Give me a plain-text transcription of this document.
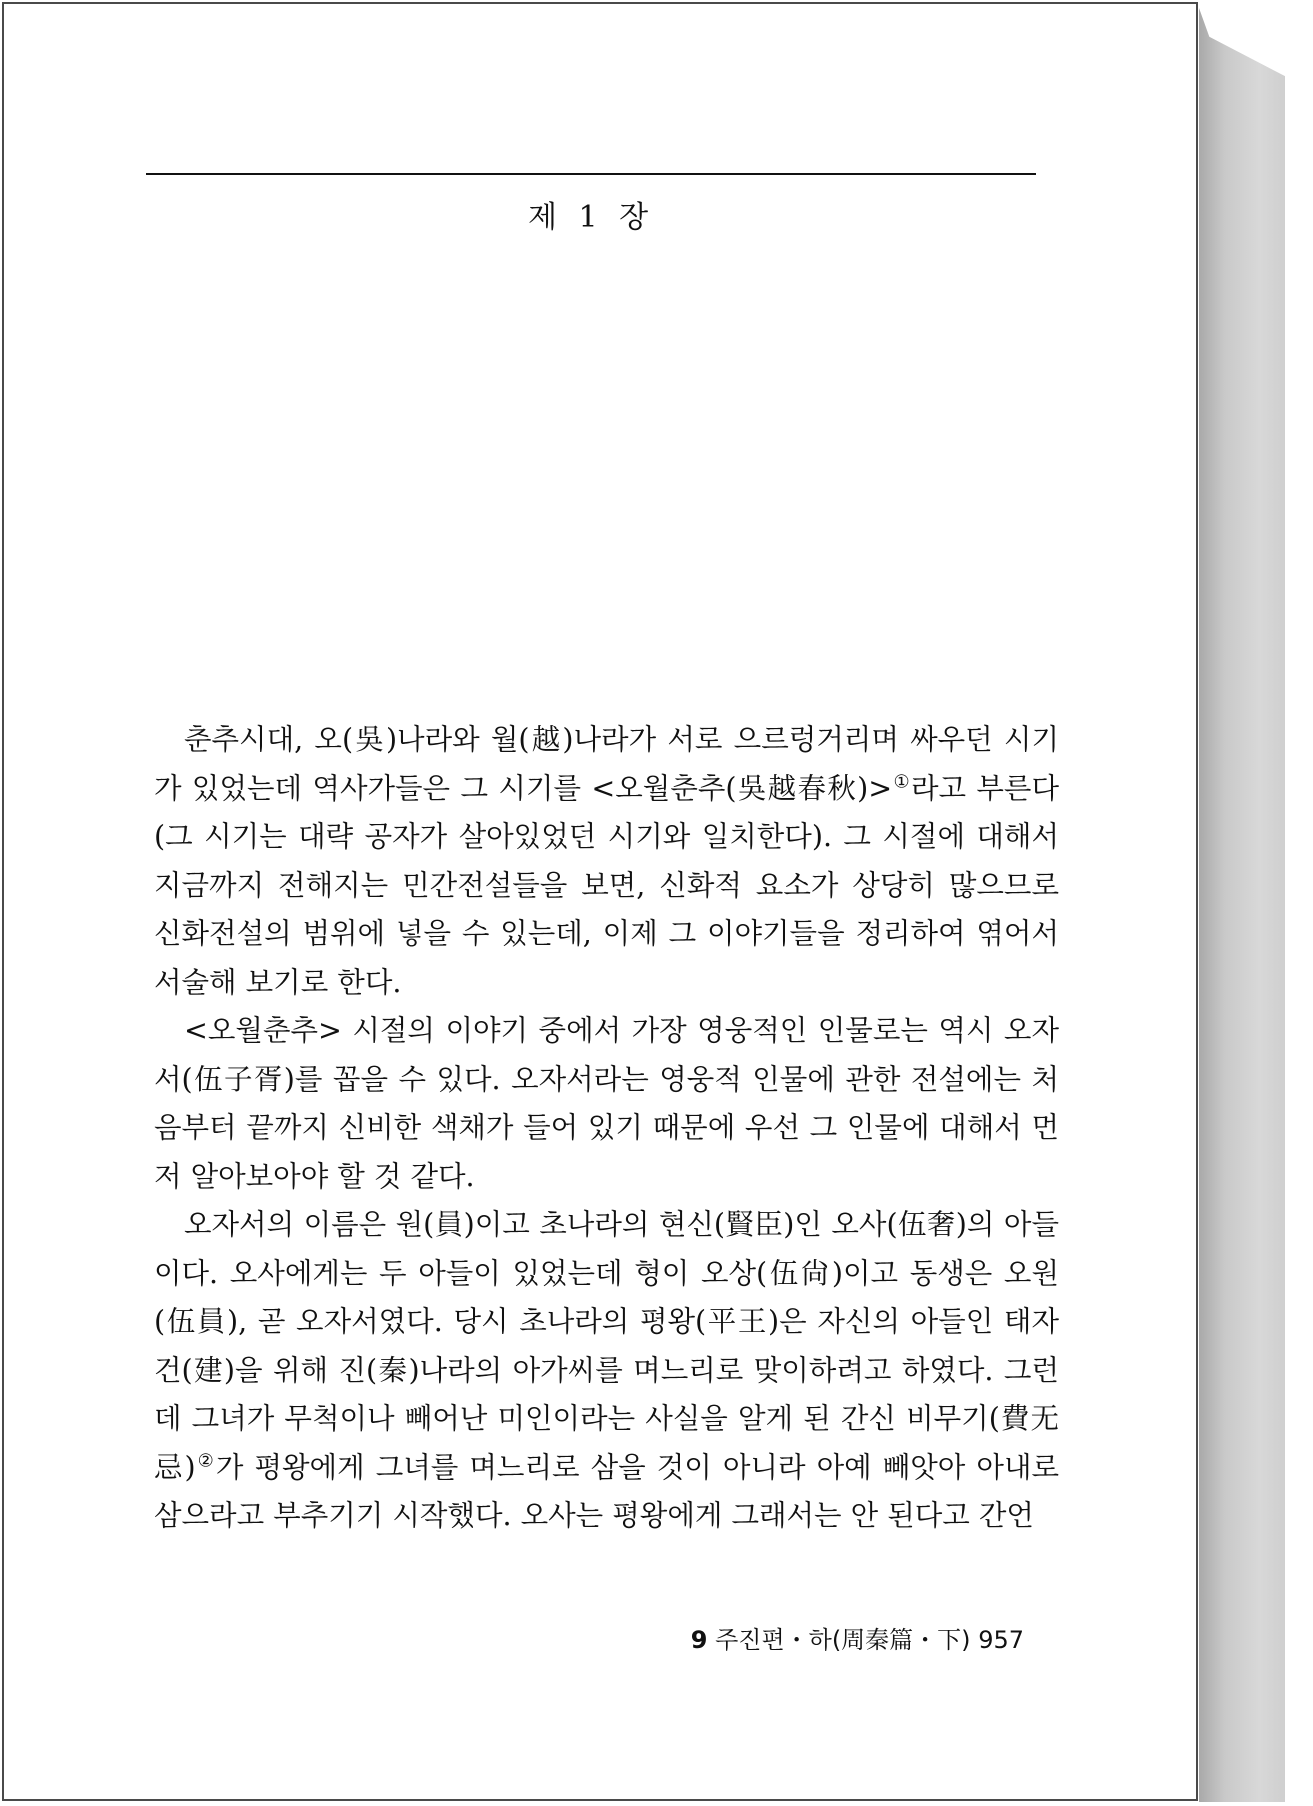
제 1 장

춘추시대, 오(吳)나라와 월(越)나라가 서로 으르렁거리며 싸우던 시기가 있었는데 역사가들은 그 시기를 <오월춘추(吳越春秋)>①라고 부른다(그 시기는 대략 공자가 살아있었던 시기와 일치한다). 그 시절에 대해서 지금까지 전해지는 민간전설들을 보면, 신화적 요소가 상당히 많으므로 신화전설의 범위에 넣을 수 있는데, 이제 그 이야기들을 정리하여 엮어서 서술해 보기로 한다.

<오월춘추> 시절의 이야기 중에서 가장 영웅적인 인물로는 역시 오자서(伍子胥)를 꼽을 수 있다. 오자서라는 영웅적 인물에 관한 전설에는 처음부터 끝까지 신비한 색채가 들어 있기 때문에 우선 그 인물에 대해서 먼저 알아보아야 할 것 같다.

오자서의 이름은 원(員)이고 초나라의 현신(賢臣)인 오사(伍奢)의 아들이다. 오사에게는 두 아들이 있었는데 형이 오상(伍尙)이고 동생은 오원(伍員), 곧 오자서였다. 당시 초나라의 평왕(平王)은 자신의 아들인 태자 건(建)을 위해 진(秦)나라의 아가씨를 며느리로 맞이하려고 하였다. 그런데 그녀가 무척이나 빼어난 미인이라는 사실을 알게 된 간신 비무기(費无忌)②가 평왕에게 그녀를 며느리로 삼을 것이 아니라 아예 빼앗아 아내로 삼으라고 부추기기 시작했다. 오사는 평왕에게 그래서는 안 된다고 간언

9 주진편・하(周秦篇・下) 957
